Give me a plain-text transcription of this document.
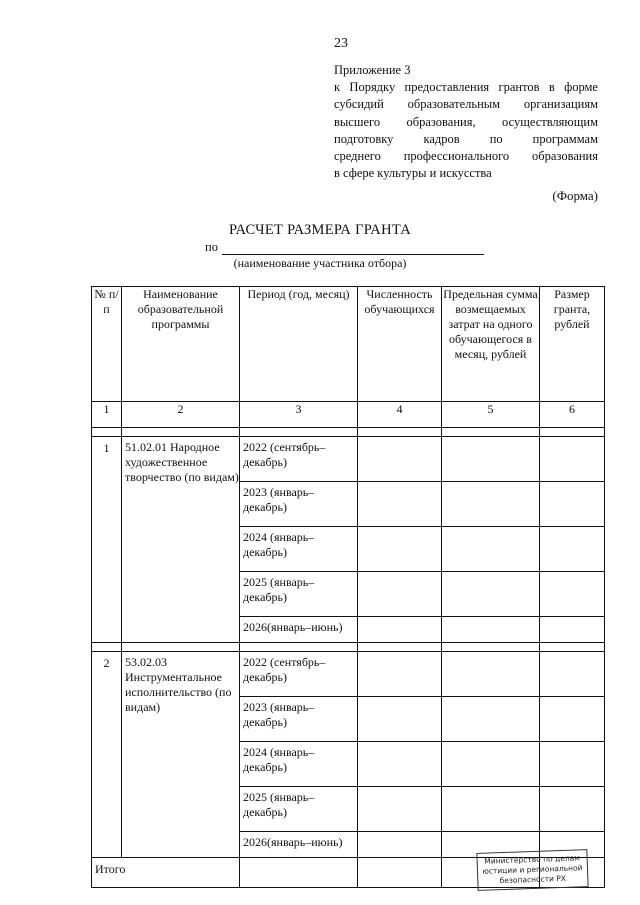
23
Приложение 3
к Порядку предоставления грантов в форме
субсидий образовательным организациям
высшего образования, осуществляющим
подготовку кадров по программам
среднего профессионального образования
в сфере культуры и искусства
(Форма)
РАСЧЕТ РАЗМЕРА ГРАНТА
по
(наименование участника отбора)
№ п/п	Наименование образовательной программы	Период (год, месяц)	Численность обучающихся	Предельная сумма возмещаемых затрат на одного обучающегося в месяц, рублей	Размер гранта, рублей
1	2	3	4	5	6

1	51.02.01 Народное художественное творчество (по видам)	2022 (сентябрь–декабрь)			
		2023 (январь–декабрь)			
		2024 (январь–декабрь)			
		2025 (январь–декабрь)			
		2026(январь–июнь)			

2	53.02.03 Инструментальное исполнительство (по видам)	2022 (сентябрь–декабрь)			
		2023 (январь–декабрь)			
		2024 (январь–декабрь)			
		2025 (январь–декабрь)			
		2026(январь–июнь)			
Итого					
Министерство по делам
юстиции и региональной
безопасности РХ
